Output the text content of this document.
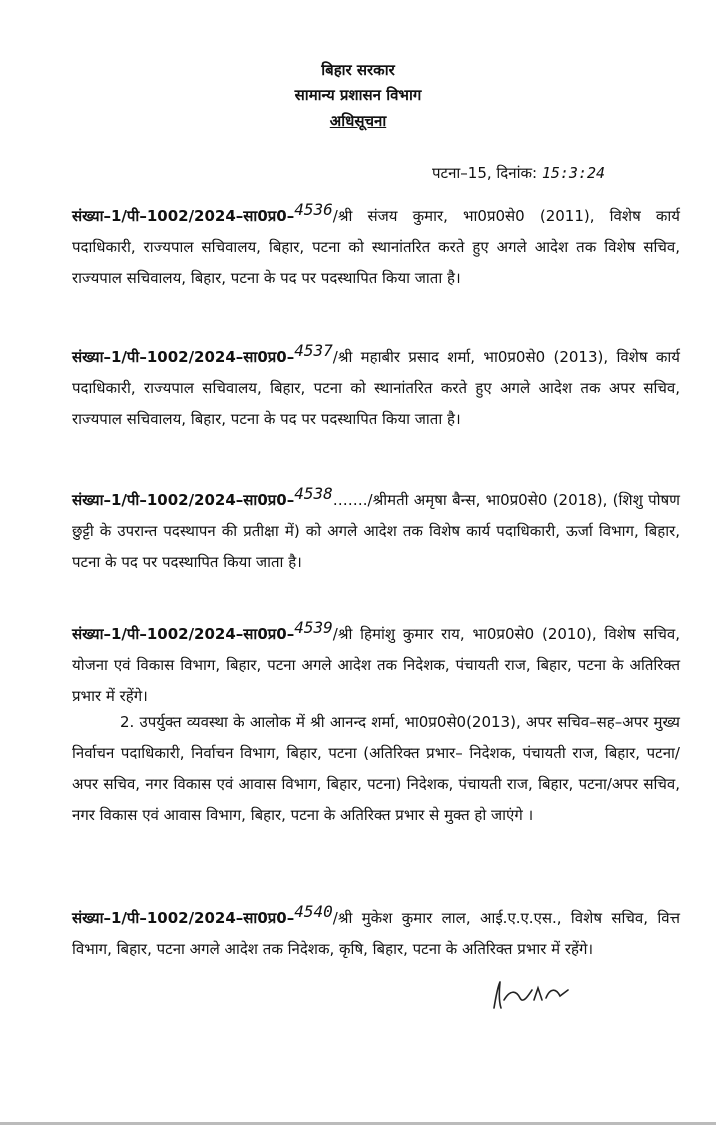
बिहार सरकार
सामान्य प्रशासन विभाग
अधिसूचना
पटना–15, दिनांक: 15:3:24
संख्या–1/पी–1002/2024–सा0प्र0–4536/श्री संजय कुमार, भा0प्र0से0 (2011), विशेष कार्य पदाधिकारी, राज्यपाल सचिवालय, बिहार, पटना को स्थानांतरित करते हुए अगले आदेश तक विशेष सचिव, राज्यपाल सचिवालय, बिहार, पटना के पद पर पदस्थापित किया जाता है।
संख्या–1/पी–1002/2024–सा0प्र0–4537/श्री महाबीर प्रसाद शर्मा, भा0प्र0से0 (2013), विशेष कार्य पदाधिकारी, राज्यपाल सचिवालय, बिहार, पटना को स्थानांतरित करते हुए अगले आदेश तक अपर सचिव, राज्यपाल सचिवालय, बिहार, पटना के पद पर पदस्थापित किया जाता है।
संख्या–1/पी–1002/2024–सा0प्र0–4538……./श्रीमती अमृषा बैन्स, भा0प्र0से0 (2018), (शिशु पोषण छुट्टी के उपरान्त पदस्थापन की प्रतीक्षा में) को अगले आदेश तक विशेष कार्य पदाधिकारी, ऊर्जा विभाग, बिहार, पटना के पद पर पदस्थापित किया जाता है।
संख्या–1/पी–1002/2024–सा0प्र0–4539/श्री हिमांशु कुमार राय, भा0प्र0से0 (2010), विशेष सचिव, योजना एवं विकास विभाग, बिहार, पटना अगले आदेश तक निदेशक, पंचायती राज, बिहार, पटना के अतिरिक्त प्रभार में रहेंगे।
2. उपर्युक्त व्यवस्था के आलोक में श्री आनन्द शर्मा, भा0प्र0से0(2013), अपर सचिव–सह–अपर मुख्य निर्वाचन पदाधिकारी, निर्वाचन विभाग, बिहार, पटना (अतिरिक्त प्रभार– निदेशक, पंचायती राज, बिहार, पटना/अपर सचिव, नगर विकास एवं आवास विभाग, बिहार, पटना) निदेशक, पंचायती राज, बिहार, पटना/अपर सचिव, नगर विकास एवं आवास विभाग, बिहार, पटना के अतिरिक्त प्रभार से मुक्त हो जाएंगे ।
संख्या–1/पी–1002/2024–सा0प्र0–4540/श्री मुकेश कुमार लाल, आई.ए.ए.एस., विशेष सचिव, वित्त विभाग, बिहार, पटना अगले आदेश तक निदेशक, कृषि, बिहार, पटना के अतिरिक्त प्रभार में रहेंगे।
